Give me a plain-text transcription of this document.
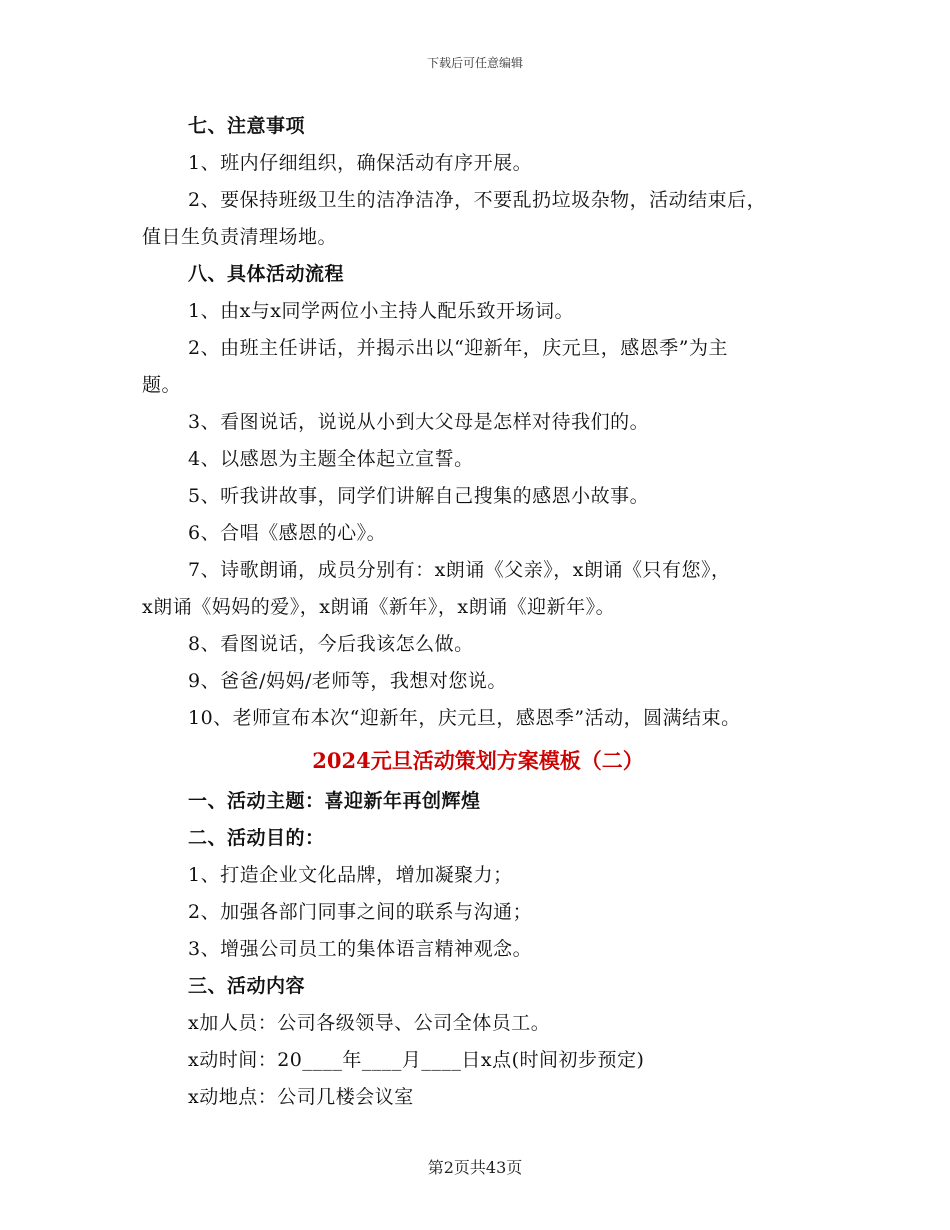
下载后可任意编辑
七、注意事项
1、班内仔细组织，确保活动有序开展。
2、要保持班级卫生的洁净洁净，不要乱扔垃圾杂物，活动结束后，
值日生负责清理场地。
八、具体活动流程
1、由x与x同学两位小主持人配乐致开场词。
2、由班主任讲话，并揭示出以“迎新年，庆元旦，感恩季”为主
题。
3、看图说话，说说从小到大父母是怎样对待我们的。
4、以感恩为主题全体起立宣誓。
5、听我讲故事，同学们讲解自己搜集的感恩小故事。
6、合唱《感恩的心》。
7、诗歌朗诵，成员分别有：x朗诵《父亲》，x朗诵《只有您》，
x朗诵《妈妈的爱》，x朗诵《新年》，x朗诵《迎新年》。
8、看图说话，今后我该怎么做。
9、爸爸/妈妈/老师等，我想对您说。
10、老师宣布本次“迎新年，庆元旦，感恩季”活动，圆满结束。
2024元旦活动策划方案模板（二）
一、活动主题：喜迎新年再创辉煌
二、活动目的：
1、打造企业文化品牌，增加凝聚力；
2、加强各部门同事之间的联系与沟通；
3、增强公司员工的集体语言精神观念。
三、活动内容
x加人员：公司各级领导、公司全体员工。
x动时间：20____年____月____日x点(时间初步预定)
x动地点：公司几楼会议室
第2页共43页
